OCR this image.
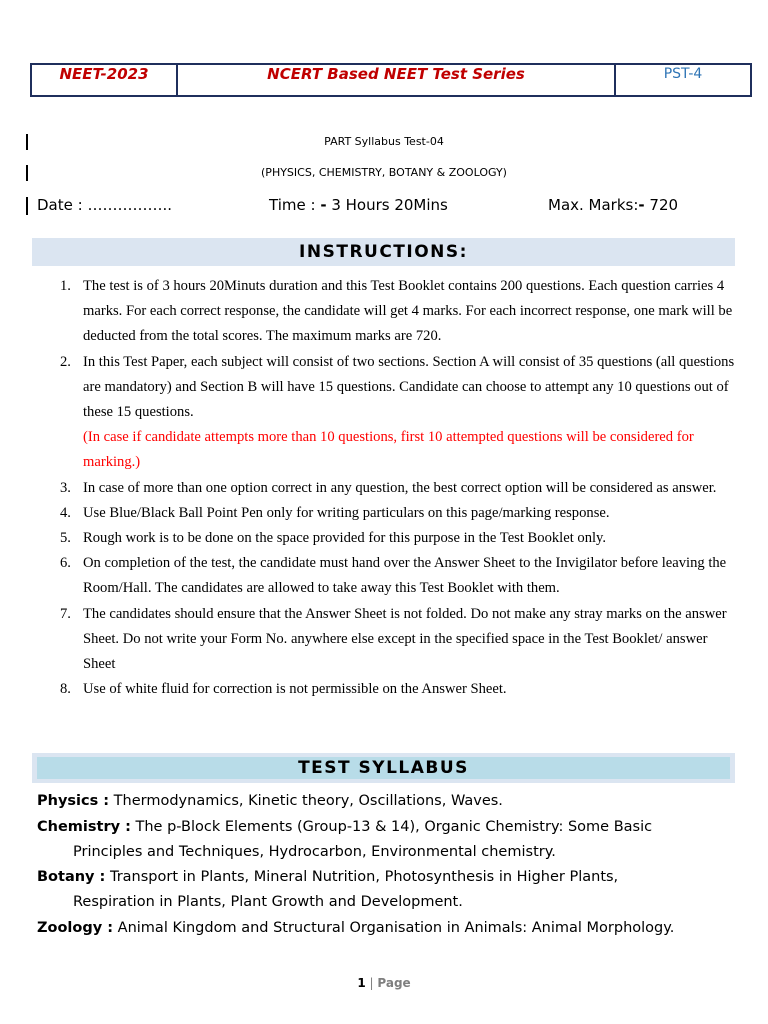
NEET-2023	NCERT Based NEET Test Series	PST-4
PART Syllabus Test-04
(PHYSICS, CHEMISTRY, BOTANY & ZOOLOGY)
Date : ……………..	Time : - 3 Hours 20Mins	Max. Marks:- 720
INSTRUCTIONS:
1. The test is of 3 hours 20Minuts duration and this Test Booklet contains 200 questions. Each question carries 4 marks. For each correct response, the candidate will get 4 marks. For each incorrect response, one mark will be deducted from the total scores. The maximum marks are 720.
2. In this Test Paper, each subject will consist of two sections. Section A will consist of 35 questions (all questions are mandatory) and Section B will have 15 questions. Candidate can choose to attempt any 10 questions out of these 15 questions.
(In case if candidate attempts more than 10 questions, first 10 attempted questions will be considered for marking.)
3. In case of more than one option correct in any question, the best correct option will be considered as answer.
4. Use Blue/Black Ball Point Pen only for writing particulars on this page/marking response.
5. Rough work is to be done on the space provided for this purpose in the Test Booklet only.
6. On completion of the test, the candidate must hand over the Answer Sheet to the Invigilator before leaving the Room/Hall. The candidates are allowed to take away this Test Booklet with them.
7. The candidates should ensure that the Answer Sheet is not folded. Do not make any stray marks on the answer Sheet. Do not write your Form No. anywhere else except in the specified space in the Test Booklet/ answer Sheet
8. Use of white fluid for correction is not permissible on the Answer Sheet.
TEST SYLLABUS
Physics : Thermodynamics, Kinetic theory, Oscillations, Waves.
Chemistry : The p-Block Elements (Group-13 & 14), Organic Chemistry: Some Basic
Principles and Techniques, Hydrocarbon, Environmental chemistry.
Botany : Transport in Plants, Mineral Nutrition, Photosynthesis in Higher Plants,
Respiration in Plants, Plant Growth and Development.
Zoology : Animal Kingdom and Structural Organisation in Animals: Animal Morphology.
1 | Page
